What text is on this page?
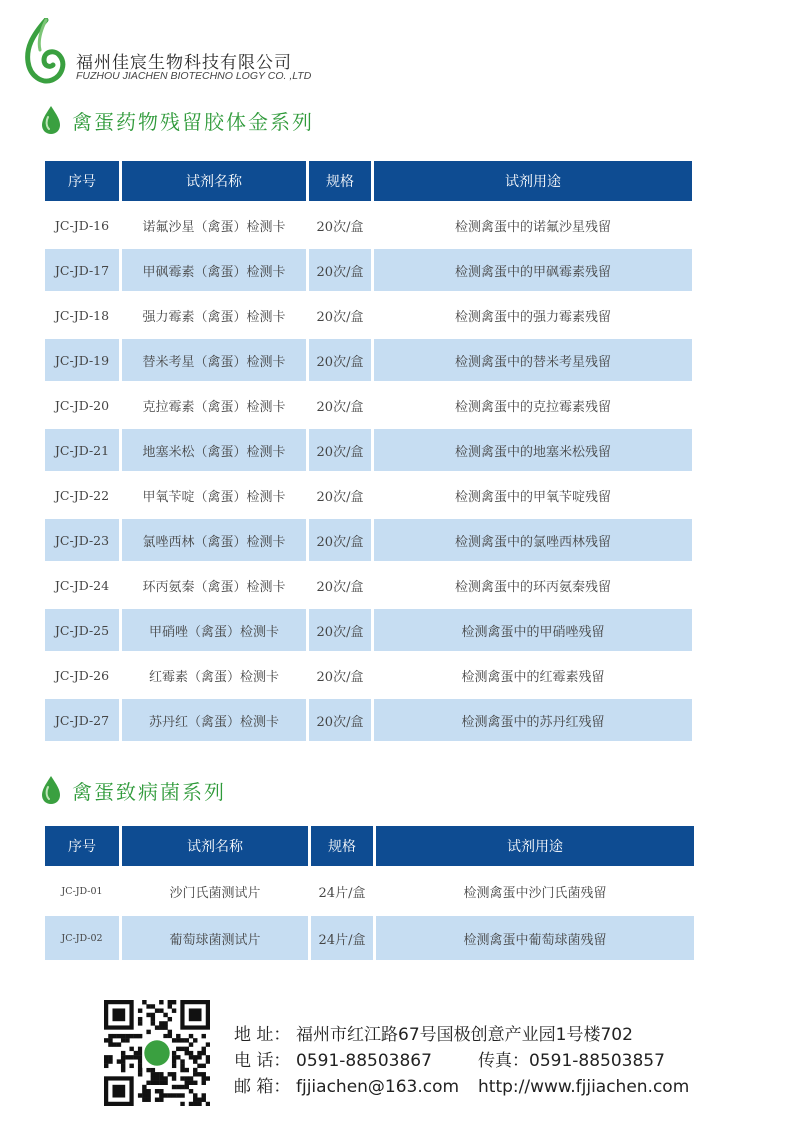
福州佳宸生物科技有限公司
FUZHOU JIACHEN BIOTECHNO LOGY CO. ,LTD
禽蛋药物残留胶体金系列
序号	试剂名称	规格	试剂用途
JC-JD-16	诺氟沙星（禽蛋）检测卡	20次/盒	检测禽蛋中的诺氟沙星残留
JC-JD-17	甲砜霉素（禽蛋）检测卡	20次/盒	检测禽蛋中的甲砜霉素残留
JC-JD-18	强力霉素（禽蛋）检测卡	20次/盒	检测禽蛋中的强力霉素残留
JC-JD-19	替米考星（禽蛋）检测卡	20次/盒	检测禽蛋中的替米考星残留
JC-JD-20	克拉霉素（禽蛋）检测卡	20次/盒	检测禽蛋中的克拉霉素残留
JC-JD-21	地塞米松（禽蛋）检测卡	20次/盒	检测禽蛋中的地塞米松残留
JC-JD-22	甲氧苄啶（禽蛋）检测卡	20次/盒	检测禽蛋中的甲氧苄啶残留
JC-JD-23	氯唑西林（禽蛋）检测卡	20次/盒	检测禽蛋中的氯唑西林残留
JC-JD-24	环丙氨秦（禽蛋）检测卡	20次/盒	检测禽蛋中的环丙氨秦残留
JC-JD-25	甲硝唑（禽蛋）检测卡	20次/盒	检测禽蛋中的甲硝唑残留
JC-JD-26	红霉素（禽蛋）检测卡	20次/盒	检测禽蛋中的红霉素残留
JC-JD-27	苏丹红（禽蛋）检测卡	20次/盒	检测禽蛋中的苏丹红残留
禽蛋致病菌系列
序号	试剂名称	规格	试剂用途
JC-JD-01	沙门氏菌测试片	24片/盒	检测禽蛋中沙门氏菌残留
JC-JD-02	葡萄球菌测试片	24片/盒	检测禽蛋中葡萄球菌残留
地 址： 福州市红江路67号国极创意产业园1号楼702
电 话： 0591-88503867	传真：0591-88503857
邮 箱： fjjiachen@163.com http://www.fjjiachen.com
